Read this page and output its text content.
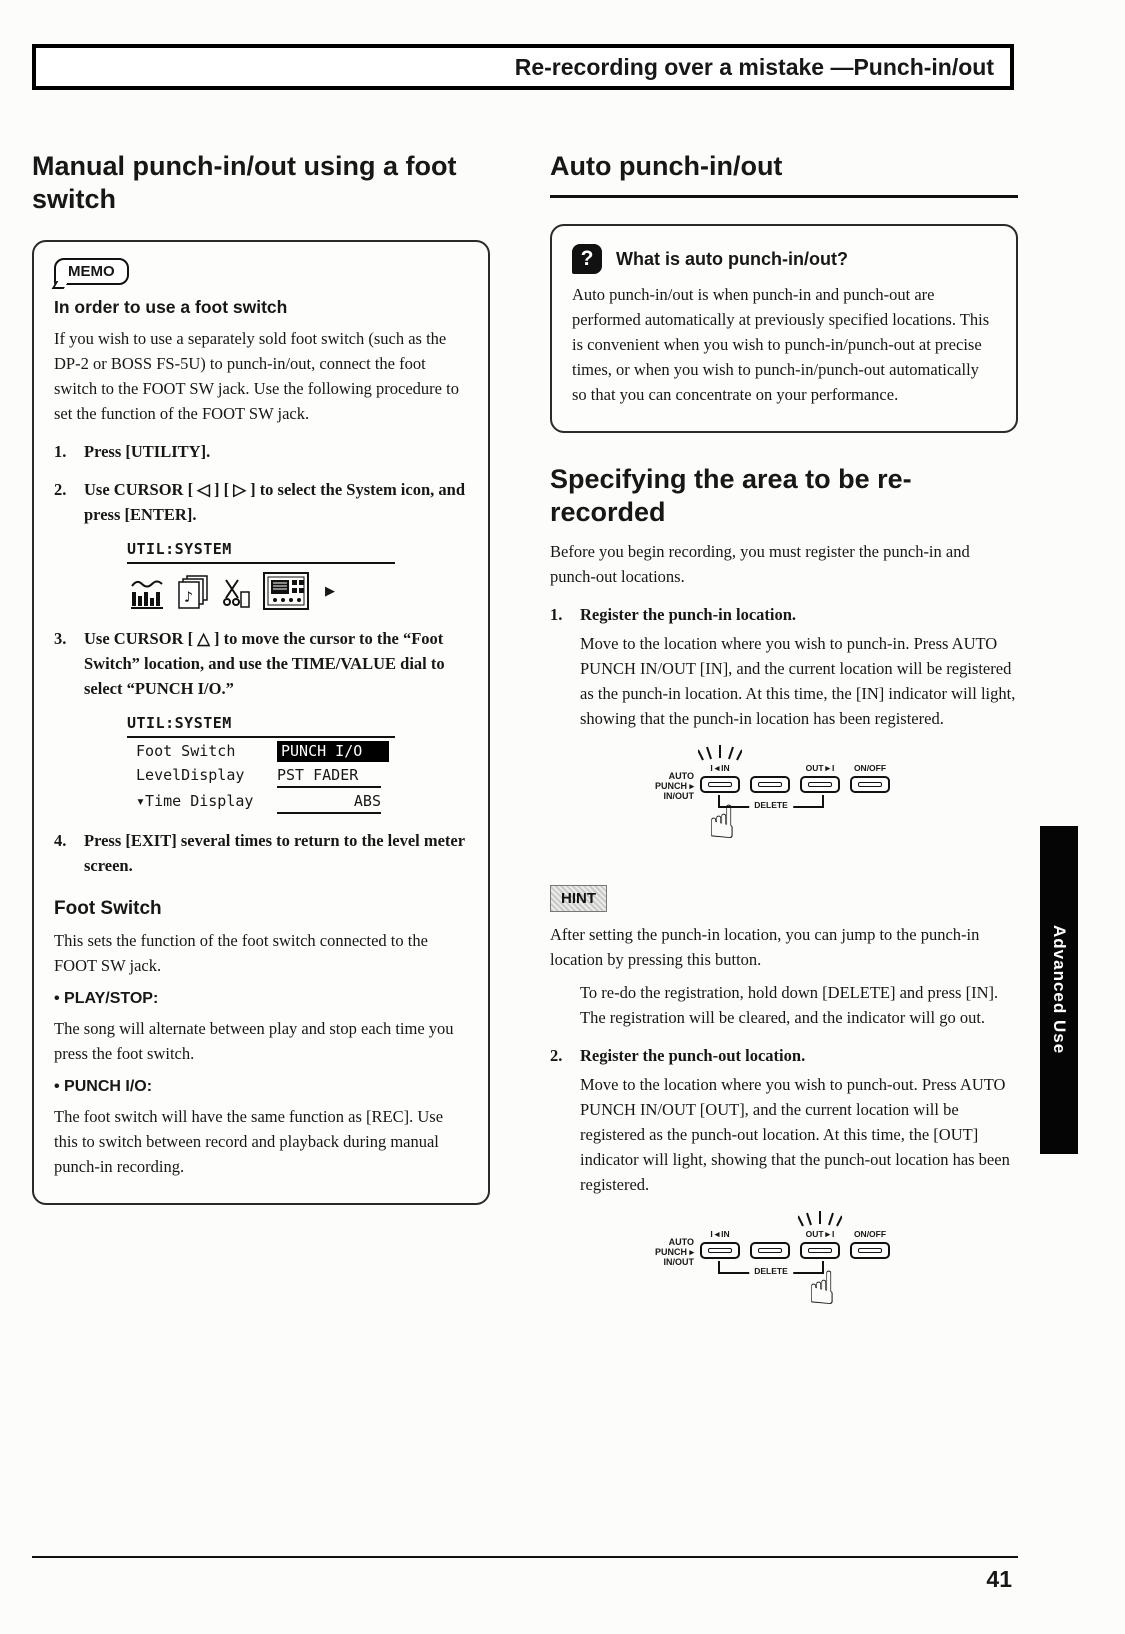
Re-recording over a mistake —Punch-in/out
Manual punch-in/out using a foot switch
MEMO
In order to use a foot switch

If you wish to use a separately sold foot switch (such as the DP-2 or BOSS FS-5U) to punch-in/out, connect the foot switch to the FOOT SW jack. Use the following procedure to set the function of the FOOT SW jack.

1.	Press [UTILITY].
2.	Use CURSOR [ ◁ ] [ ▷ ] to select the System icon, and press [ENTER].
UTIL:SYSTEM
♪	▶
3.	Use CURSOR [ △ ] to move the cursor to the “Foot Switch” location, and use the TIME/VALUE dial to select “PUNCH I/O.”
UTIL:SYSTEM
Foot Switch	PUNCH I/O
LevelDisplay	PST FADER
▾Time Display	ABS
4.	Press [EXIT] several times to return to the level meter screen.
Foot Switch

This sets the function of the foot switch connected to the FOOT SW jack.

• PLAY/STOP:

The song will alternate between play and stop each time you press the foot switch.

• PUNCH I/O:

The foot switch will have the same function as [REC]. Use this to switch between record and playback during manual punch-in recording.

Auto punch-in/out
?	What is auto punch-in/out?

Auto punch-in/out is when punch-in and punch-out are performed automatically at previously specified locations. This is convenient when you wish to punch-in/punch-out at precise times, or when you wish to punch-in/punch-out automatically so that you can concentrate on your performance.

Specifying the area to be re-recorded

Before you begin recording, you must register the punch-in and punch-out locations.

1.	Register the punch-in location.
Move to the location where you wish to punch-in. Press AUTO PUNCH IN/OUT [IN], and the current location will be registered as the punch-in location. At this time, the [IN] indicator will light, showing that the punch-in location has been registered.
AUTO
PUNCH ▸
IN/OUT
I◄IN	OUT►I	ON/OFF
DELETE
☝
HINT

After setting the punch-in location, you can jump to the punch-in location by pressing this button.

To re-do the registration, hold down [DELETE] and press [IN]. The registration will be cleared, and the indicator will go out.
2.	Register the punch-out location.
Move to the location where you wish to punch-out. Press AUTO PUNCH IN/OUT [OUT], and the current location will be registered as the punch-out location. At this time, the [OUT] indicator will light, showing that the punch-out location has been registered.
AUTO
PUNCH ▸
IN/OUT
I◄IN	OUT►I	ON/OFF
DELETE ☝
Advanced Use
41
